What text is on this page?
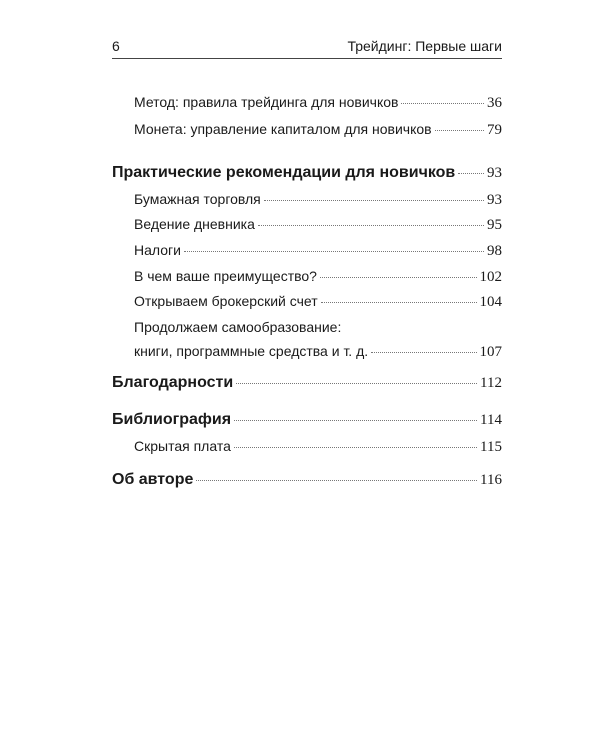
6	Трейдинг: Первые шаги
Метод: правила трейдинга для новичков	36
Монета: управление капиталом для новичков	79
Практические рекомендации для новичков 93
Бумажная торговля	93
Ведение дневника	95
Налоги	98
В чем ваше преимущество?	102
Открываем брокерский счет	104
Продолжаем самообразование:
книги, программные средства и т. д.	107
Благодарности	112
Библиография	114
Скрытая плата	115
Об авторе	116
